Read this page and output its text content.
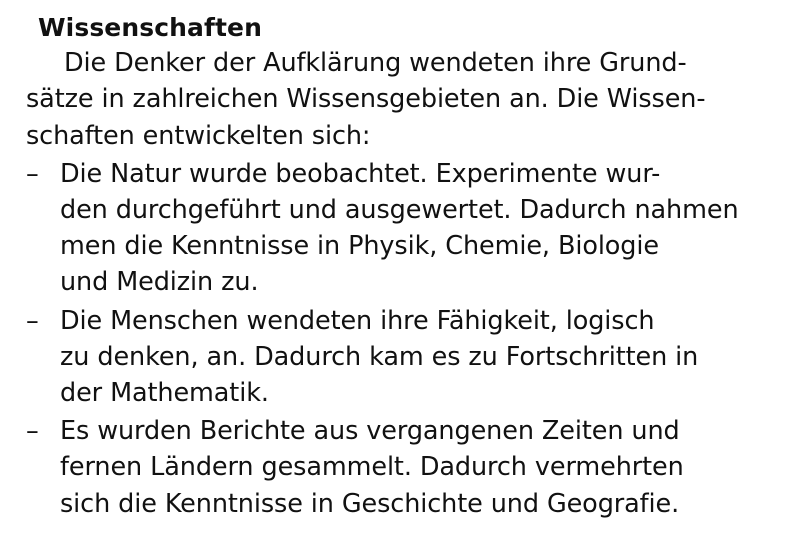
Wissenschaften

Die Denker der Aufklärung wendeten ihre Grund-
sätze in zahlreichen Wissensgebieten an. Die Wissen-
schaften entwickelten sich:

– Die Natur wurde beobachtet. Experimente wur-
den durchgeführt und ausgewertet. Dadurch nahmen
men die Kenntnisse in Physik, Chemie, Biologie
und Medizin zu.
– Die Menschen wendeten ihre Fähigkeit, logisch
zu denken, an. Dadurch kam es zu Fortschritten in
der Mathematik.
– Es wurden Berichte aus vergangenen Zeiten und
fernen Ländern gesammelt. Dadurch vermehrten
sich die Kenntnisse in Geschichte und Geografie.
